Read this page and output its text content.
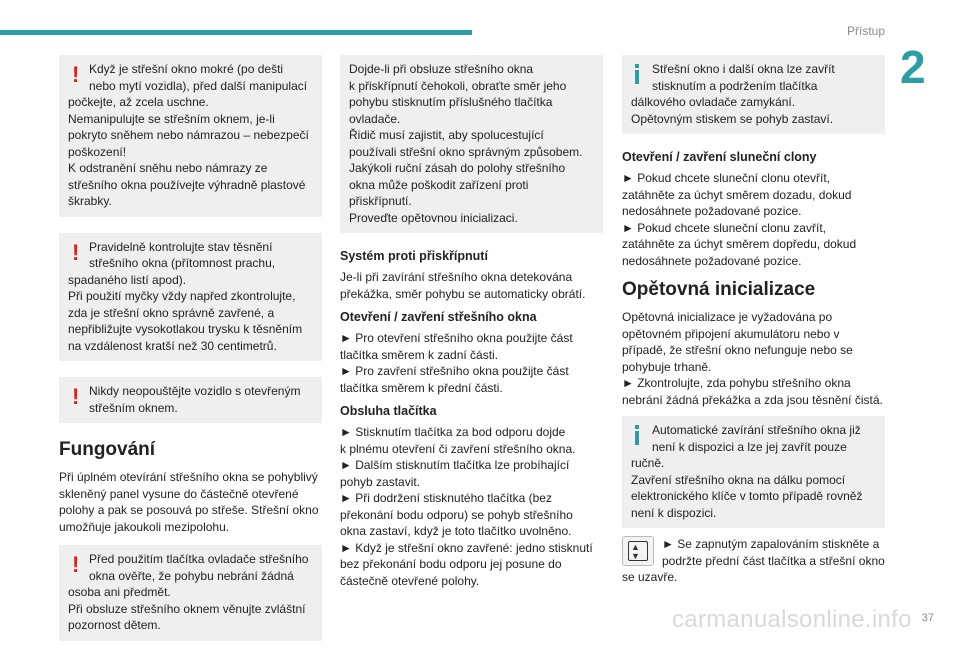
Přístup
2
! Když je střešní okno mokré (po dešti
nebo mytí vozidla), před další manipulací
počkejte, až zcela uschne.
Nemanipulujte se střešním oknem, je-li
pokryto sněhem nebo námrazou – nebezpečí
poškození!
K odstranění sněhu nebo námrazy ze
střešního okna používejte výhradně plastové
škrabky.
! Pravidelně kontrolujte stav těsnění
střešního okna (přítomnost prachu,
spadaného listí apod).
Při použití myčky vždy napřed zkontrolujte,
zda je střešní okno správně zavřené, a
nepřibližujte vysokotlakou trysku k těsněním
na vzdálenost kratší než 30 centimetrů.
! Nikdy neopouštějte vozidlo s otevřeným
střešním oknem.
Fungování

Při úplném otevírání střešního okna se pohyblivý
skleněný panel vysune do částečně otevřené
polohy a pak se posouvá po střeše. Střešní okno
umožňuje jakoukoli mezipolohu.

! Před použitím tlačítka ovladače střešního
okna ověřte, že pohybu nebrání žádná
osoba ani předmět.
Při obsluze střešního oknem věnujte zvláštní
pozornost dětem.
Dojde-li při obsluze střešního okna
k přiskřípnutí čehokoli, obraťte směr jeho
pohybu stisknutím příslušného tlačítka
ovladače.
Řidič musí zajistit, aby spolucestující
používali střešní okno správným způsobem.
Jakýkoli ruční zásah do polohy střešního
okna může poškodit zařízení proti přiskřípnutí.
Proveďte opětovnou inicializaci.
Systém proti přiskřípnutí

Je-li při zavírání střešního okna detekována
překážka, směr pohybu se automaticky obrátí.

Otevření / zavření střešního okna

► Pro otevření střešního okna použijte část
tlačítka směrem k zadní části.
► Pro zavření střešního okna použijte část
tlačítka směrem k přední části.

Obsluha tlačítka

► Stisknutím tlačítka za bod odporu dojde
k plnému otevření či zavření střešního okna.
► Dalším stisknutím tlačítka lze probíhající
pohyb zastavit.
► Při dodržení stisknutého tlačítka (bez
překonání bodu odporu) se pohyb střešního
okna zastaví, když je toto tlačítko uvolněno.
► Když je střešní okno zavřené: jedno stisknutí
bez překonání bodu odporu jej posune do
částečně otevřené polohy.

Střešní okno i další okna lze zavřít
stisknutím a podržením tlačítka
dálkového ovladače zamykání.
Opětovným stiskem se pohyb zastaví.
Otevření / zavření sluneční clony

► Pokud chcete sluneční clonu otevřít,
zatáhněte za úchyt směrem dozadu, dokud
nedosáhnete požadované pozice.
► Pokud chcete sluneční clonu zavřít,
zatáhněte za úchyt směrem dopředu, dokud
nedosáhnete požadované pozice.

Opětovná inicializace

Opětovná inicializace je vyžadována po
opětovném připojení akumulátoru nebo v
případě, že střešní okno nefunguje nebo se
pohybuje trhaně.
► Zkontrolujte, zda pohybu střešního okna
nebrání žádná překážka a zda jsou těsnění čistá.

Automatické zavírání střešního okna již
není k dispozici a lze jej zavřít pouze
ručně.
Zavření střešního okna na dálku pomocí
elektronického klíče v tomto případě rovněž
není k dispozici.
▲
▼
► Se zapnutým zapalováním stiskněte a
podržte přední část tlačítka a střešní okno
se uzavře.
37
carmanualsonline.info
